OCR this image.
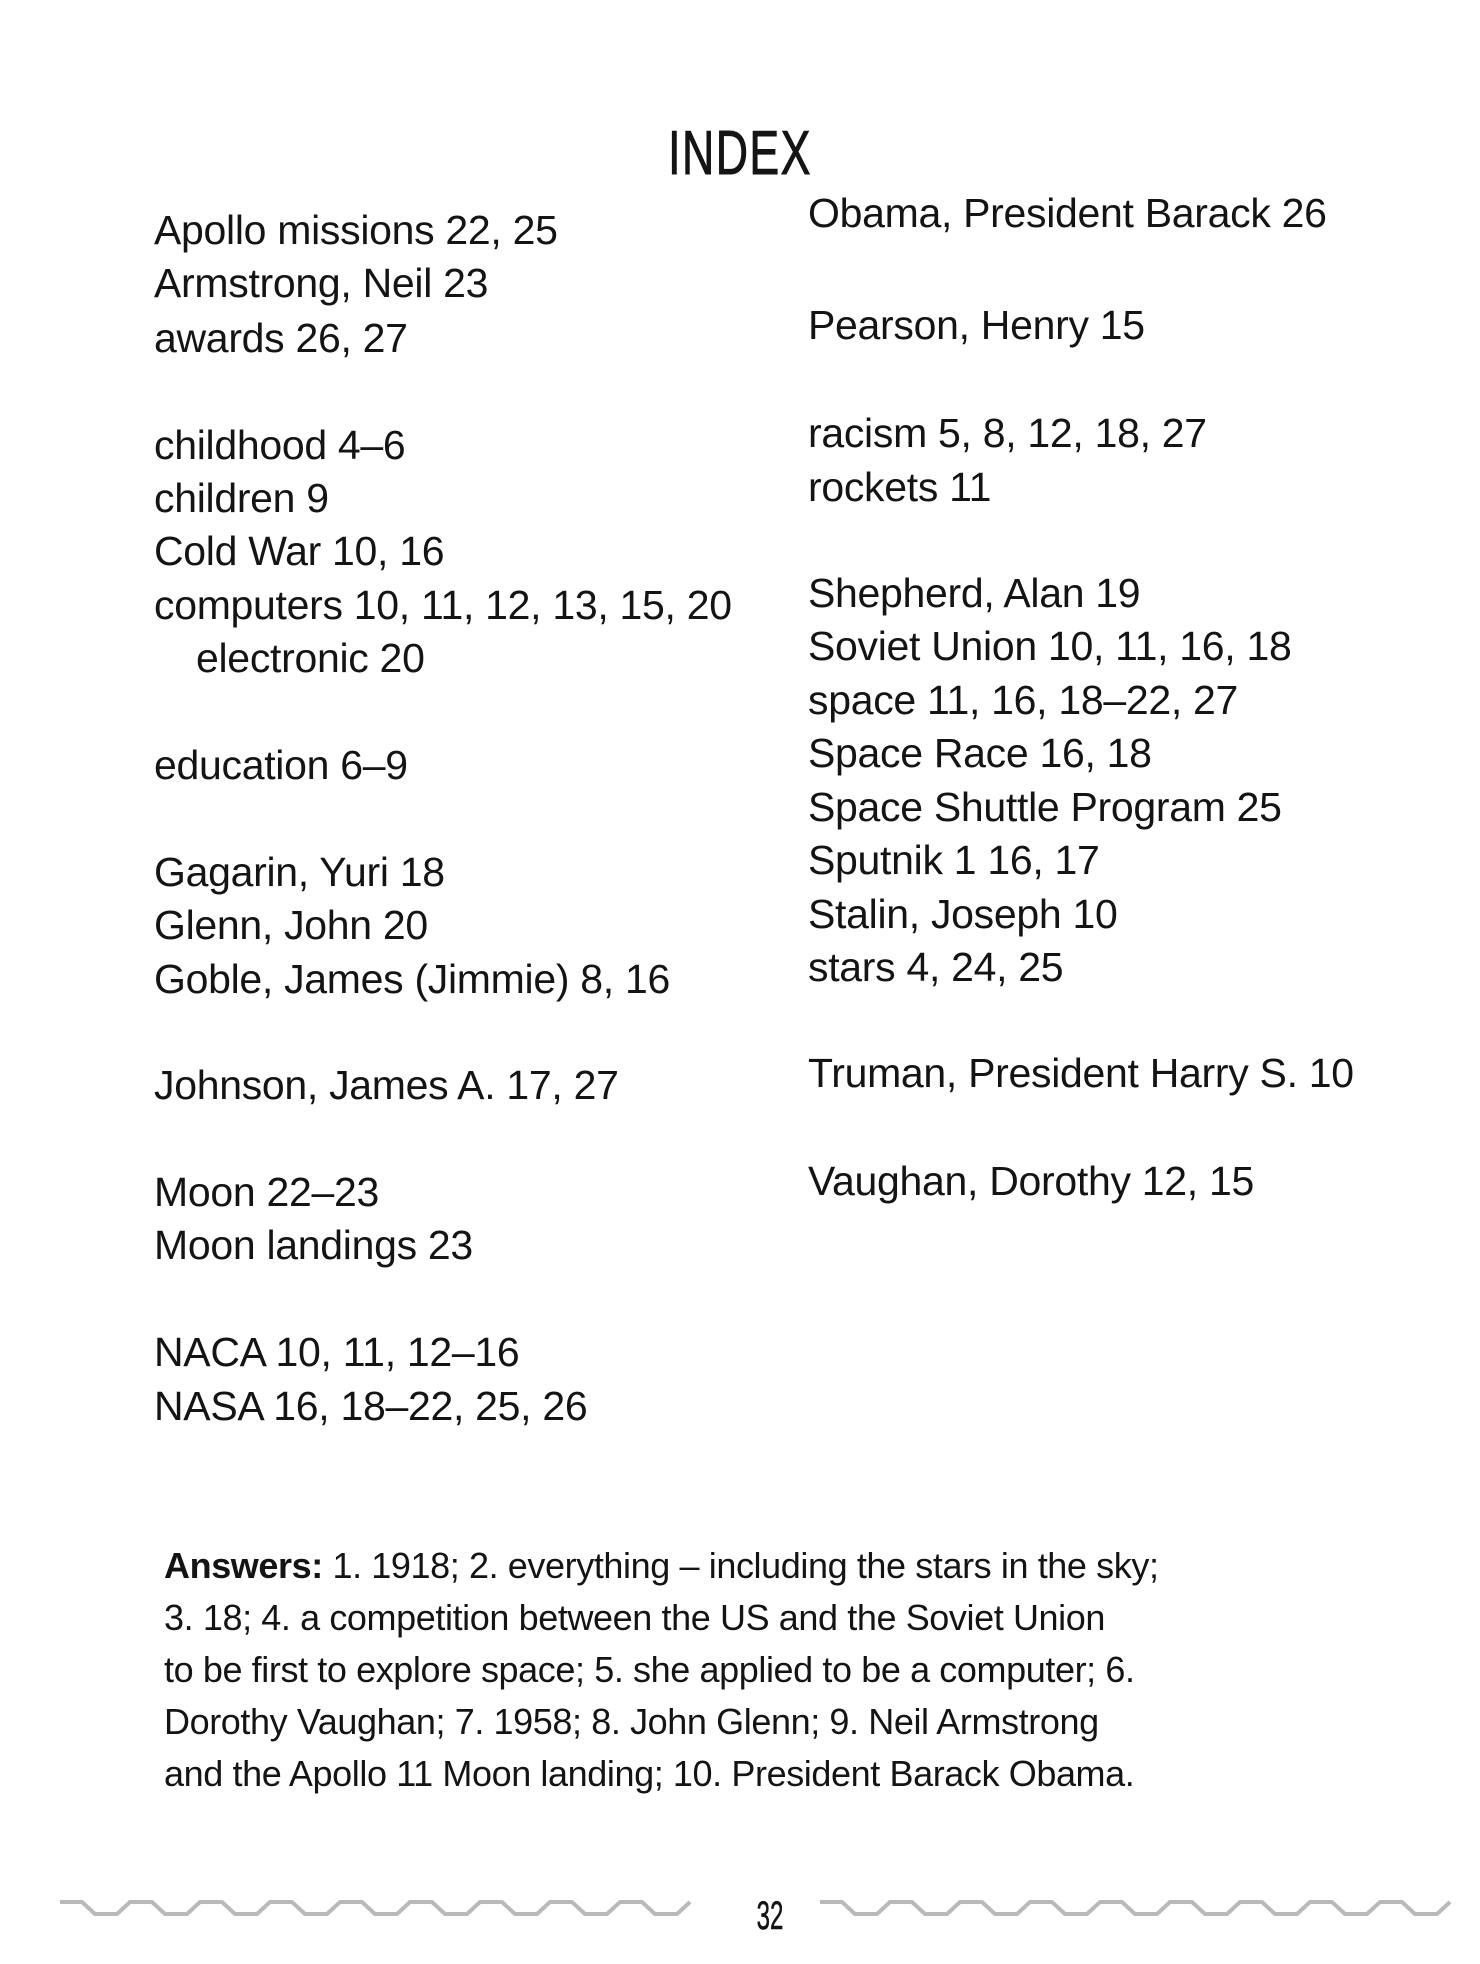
INDEX
Apollo missions 22, 25
Armstrong, Neil 23
awards 26, 27
childhood 4–6
children 9
Cold War 10, 16
computers 10, 11, 12, 13, 15, 20
electronic 20
education 6–9
Gagarin, Yuri 18
Glenn, John 20
Goble, James (Jimmie) 8, 16
Johnson, James A. 17, 27
Moon 22–23
Moon landings 23
NACA 10, 11, 12–16
NASA 16, 18–22, 25, 26
Obama, President Barack 26
Pearson, Henry 15
racism 5, 8, 12, 18, 27
rockets 11
Shepherd, Alan 19
Soviet Union 10, 11, 16, 18
space 11, 16, 18–22, 27
Space Race 16, 18
Space Shuttle Program 25
Sputnik 1 16, 17
Stalin, Joseph 10
stars 4, 24, 25
Truman, President Harry S. 10
Vaughan, Dorothy 12, 15
Answers: 1. 1918; 2. everything – including the stars in the sky;
3. 18; 4. a competition between the US and the Soviet Union
to be first to explore space; 5. she applied to be a computer; 6.
Dorothy Vaughan; 7. 1958; 8. John Glenn; 9. Neil Armstrong
and the Apollo 11 Moon landing; 10. President Barack Obama.
32
